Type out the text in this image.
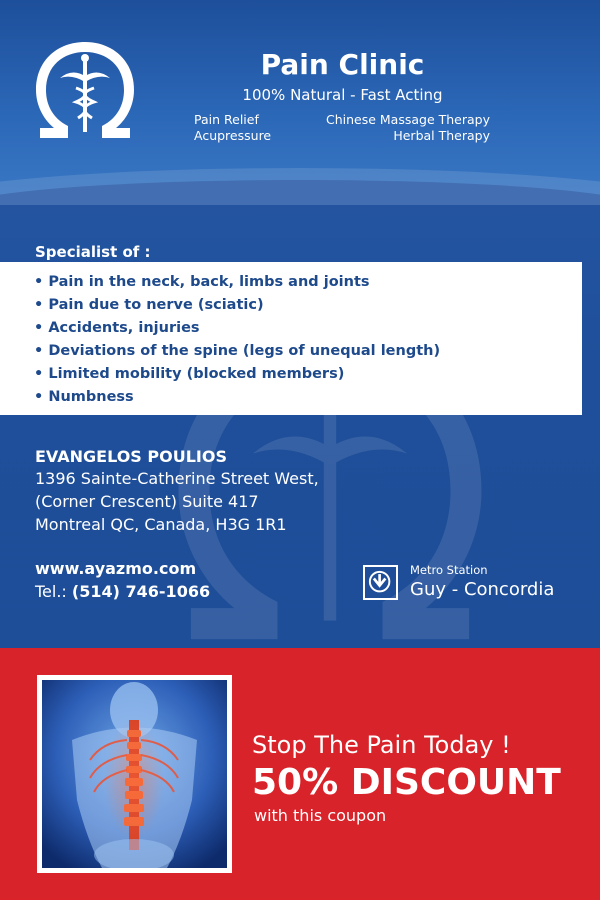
Pain Clinic
100% Natural - Fast Acting
Pain Relief
Acupressure
Chinese Massage Therapy
Herbal Therapy
Specialist of :
• Pain in the neck, back, limbs and joints
• Pain due to nerve (sciatic)
• Accidents, injuries
• Deviations of the spine (legs of unequal length)
• Limited mobility (blocked members)
• Numbness
EVANGELOS POULIOS
1396 Sainte-Catherine Street West,
(Corner Crescent) Suite 417
Montreal QC, Canada, H3G 1R1
www.ayazmo.com
Tel.: (514) 746-1066
Metro Station
Guy - Concordia
Stop The Pain Today !
50% DISCOUNT
with this coupon
